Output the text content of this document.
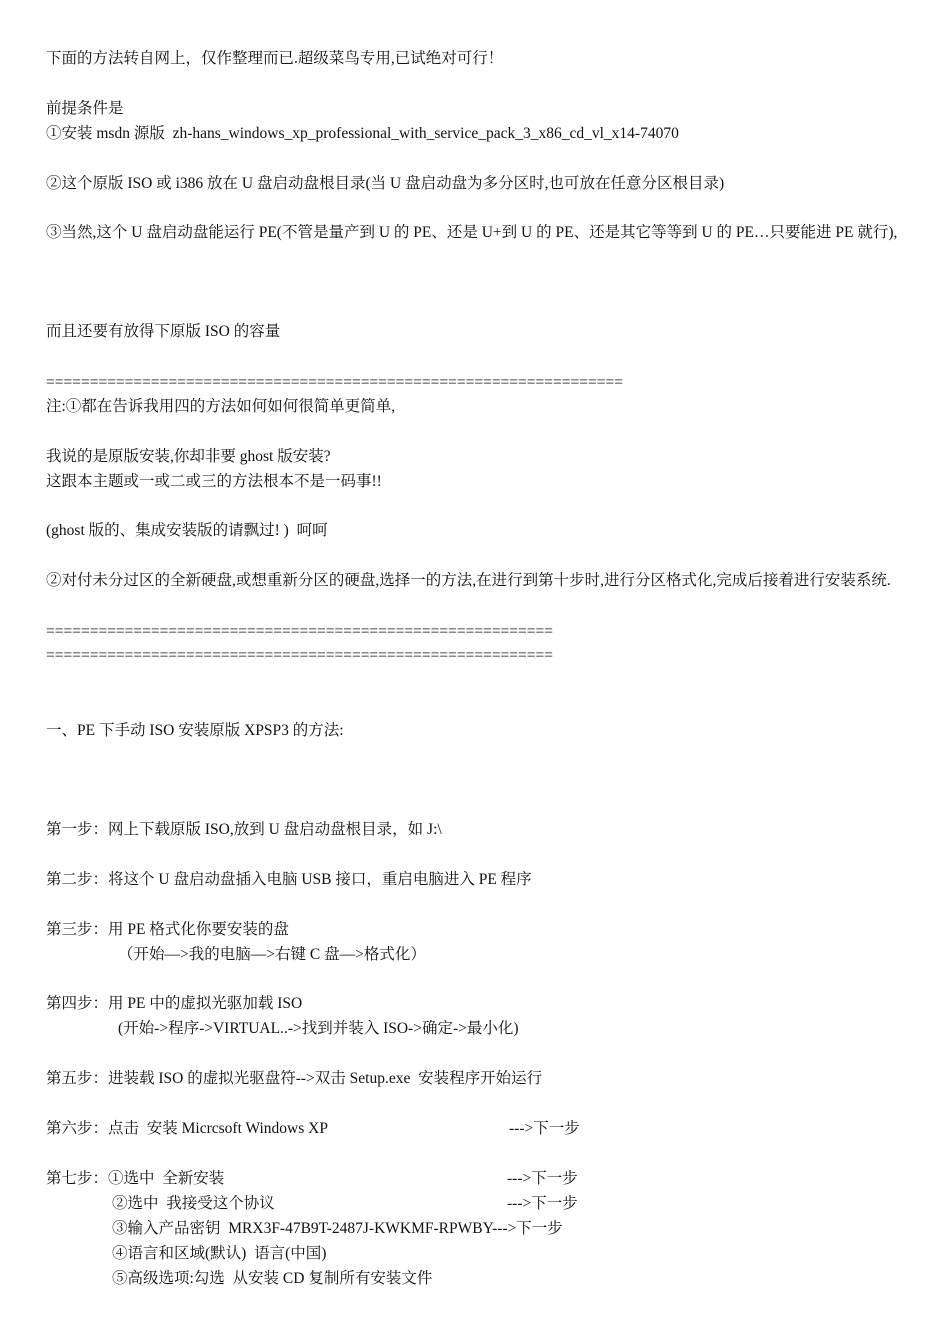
下面的方法转自网上，仅作整理而已.超级菜鸟专用,已试绝对可行！
前提条件是
①安装 msdn 源版  zh-hans_windows_xp_professional_with_service_pack_3_x86_cd_vl_x14-74070
②这个原版 ISO 或 i386 放在 U 盘启动盘根目录(当 U 盘启动盘为多分区时,也可放在任意分区根目录)
③当然,这个 U 盘启动盘能运行 PE(不管是量产到 U 的 PE、还是 U+到 U 的 PE、还是其它等等到 U 的 PE…只要能进 PE 就行),
而且还要有放得下原版 ISO 的容量
==================================================================
注:①都在告诉我用四的方法如何如何很简单更简单,
我说的是原版安装,你却非要 ghost 版安装?
这跟本主题或一或二或三的方法根本不是一码事!!
(ghost 版的、集成安装版的请飘过! )  呵呵
②对付未分过区的全新硬盘,或想重新分区的硬盘,选择一的方法,在进行到第十步时,进行分区格式化,完成后接着进行安装系统.
==========================================================
==========================================================
一、PE 下手动 ISO 安装原版 XPSP3 的方法:
第一步：网上下载原版 ISO,放到 U 盘启动盘根目录，如 J:\
第二步：将这个 U 盘启动盘插入电脑 USB 接口，重启电脑进入 PE 程序
第三步：用 PE 格式化你要安装的盘
（开始—>我的电脑—>右键 C 盘—>格式化）
第四步：用 PE 中的虚拟光驱加载 ISO
(开始->程序->VIRTUAL..->找到并装入 ISO->确定->最小化)
第五步：进装载 ISO 的虚拟光驱盘符-->双击 Setup.exe  安装程序开始运行
第六步：点击  安装 Micrcsoft Windows XP	--->下一步
第七步：①选中  全新安装	--->下一步
②选中  我接受这个协议	--->下一步
③输入产品密钥  MRX3F-47B9T-2487J-KWKMF-RPWBY--->下一步
④语言和区域(默认)  语言(中国)
⑤高级选项:勾选  从安装 CD 复制所有安装文件
